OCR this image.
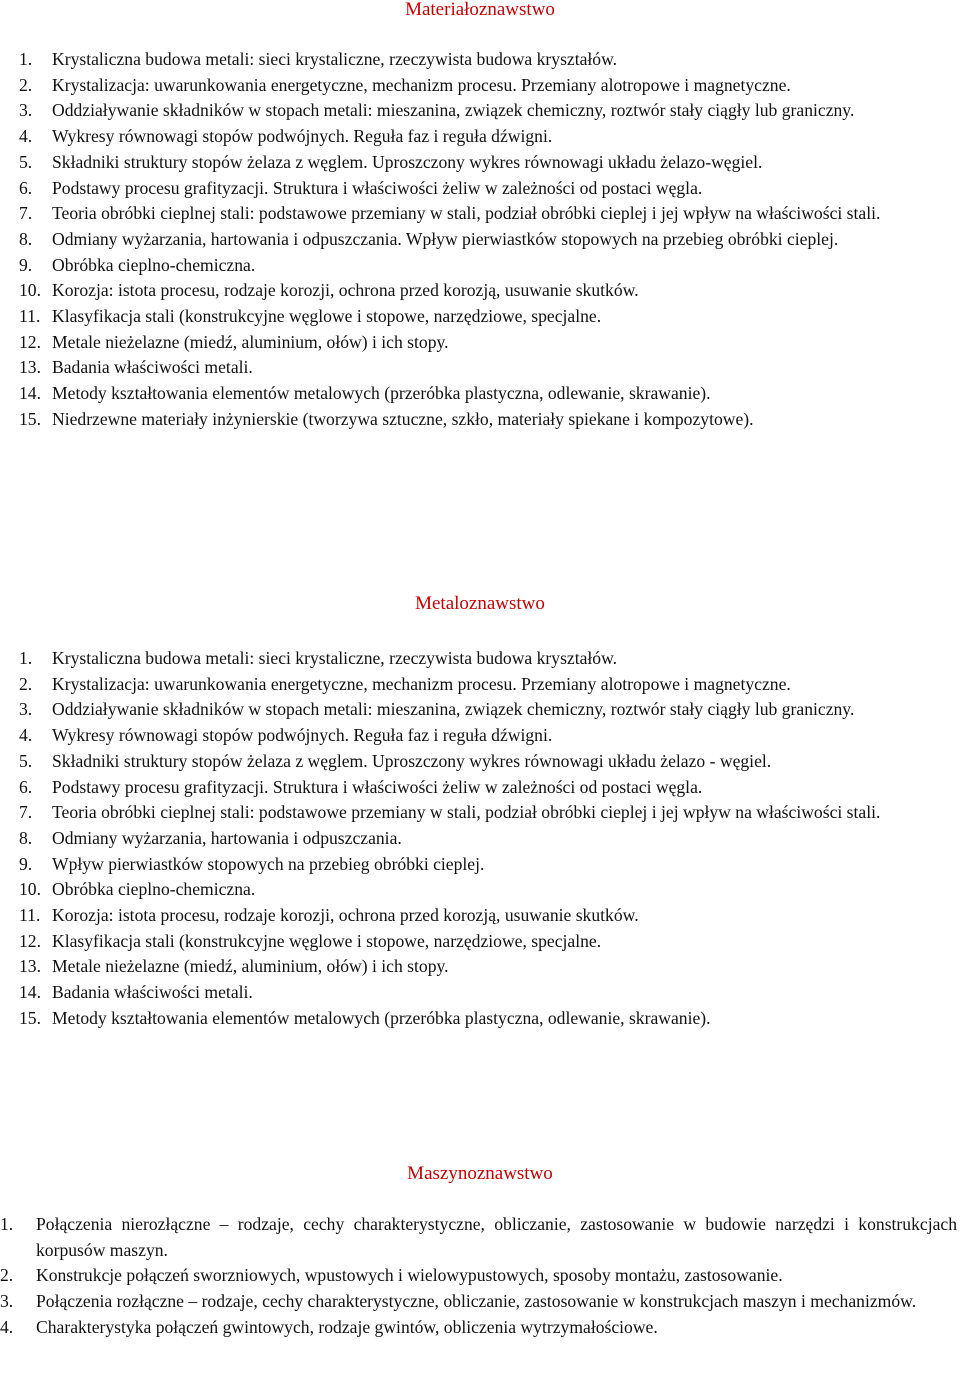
Materiałoznawstwo
1.	Krystaliczna budowa metali: sieci krystaliczne, rzeczywista budowa kryształów.
2.	Krystalizacja: uwarunkowania energetyczne, mechanizm procesu. Przemiany alotropowe i magnetyczne.
3.	Oddziaływanie składników w stopach metali: mieszanina, związek chemiczny, roztwór stały ciągły lub graniczny.
4.	Wykresy równowagi stopów podwójnych. Reguła faz i reguła dźwigni.
5.	Składniki struktury stopów żelaza z węglem. Uproszczony wykres równowagi układu żelazo-węgiel.
6.	Podstawy procesu grafityzacji. Struktura i właściwości żeliw w zależności od postaci węgla.
7.	Teoria obróbki cieplnej stali: podstawowe przemiany w stali, podział obróbki cieplej i jej wpływ na właściwości stali.
8.	Odmiany wyżarzania, hartowania i odpuszczania. Wpływ pierwiastków stopowych na przebieg obróbki cieplej.
9.	Obróbka cieplno-chemiczna.
10. Korozja: istota procesu, rodzaje korozji, ochrona przed korozją, usuwanie skutków.
11. Klasyfikacja stali (konstrukcyjne węglowe i stopowe, narzędziowe, specjalne.
12. Metale nieżelazne (miedź, aluminium, ołów) i ich stopy.
13. Badania właściwości metali.
14. Metody kształtowania elementów metalowych (przeróbka plastyczna, odlewanie, skrawanie).
15. Niedrzewne materiały inżynierskie (tworzywa sztuczne, szkło, materiały spiekane i kompozytowe).
Metaloznawstwo
1.	Krystaliczna budowa metali: sieci krystaliczne, rzeczywista budowa kryształów.
2.	Krystalizacja: uwarunkowania energetyczne, mechanizm procesu. Przemiany alotropowe i magnetyczne.
3.	Oddziaływanie składników w stopach metali: mieszanina, związek chemiczny, roztwór stały ciągły lub graniczny.
4.	Wykresy równowagi stopów podwójnych. Reguła faz i reguła dźwigni.
5.	Składniki struktury stopów żelaza z węglem. Uproszczony wykres równowagi układu żelazo - węgiel.
6.	Podstawy procesu grafityzacji. Struktura i właściwości żeliw w zależności od postaci węgla.
7.	Teoria obróbki cieplnej stali: podstawowe przemiany w stali, podział obróbki cieplej i jej wpływ na właściwości stali.
8.	Odmiany wyżarzania, hartowania i odpuszczania.
9.	Wpływ pierwiastków stopowych na przebieg obróbki cieplej.
10. Obróbka cieplno-chemiczna.
11. Korozja: istota procesu, rodzaje korozji, ochrona przed korozją, usuwanie skutków.
12. Klasyfikacja stali (konstrukcyjne węglowe i stopowe, narzędziowe, specjalne.
13. Metale nieżelazne (miedź, aluminium, ołów) i ich stopy.
14. Badania właściwości metali.
15. Metody kształtowania elementów metalowych (przeróbka plastyczna, odlewanie, skrawanie).
Maszynoznawstwo
1.	Połączenia nierozłączne – rodzaje, cechy charakterystyczne, obliczanie, zastosowanie w budowie narzędzi i konstrukcjach korpusów maszyn.
2.	Konstrukcje połączeń sworzniowych, wpustowych i wielowypustowych, sposoby montażu, zastosowanie.
3.	Połączenia rozłączne – rodzaje, cechy charakterystyczne, obliczanie, zastosowanie w konstrukcjach maszyn i mechanizmów.
4.	Charakterystyka połączeń gwintowych, rodzaje gwintów, obliczenia wytrzymałościowe.
